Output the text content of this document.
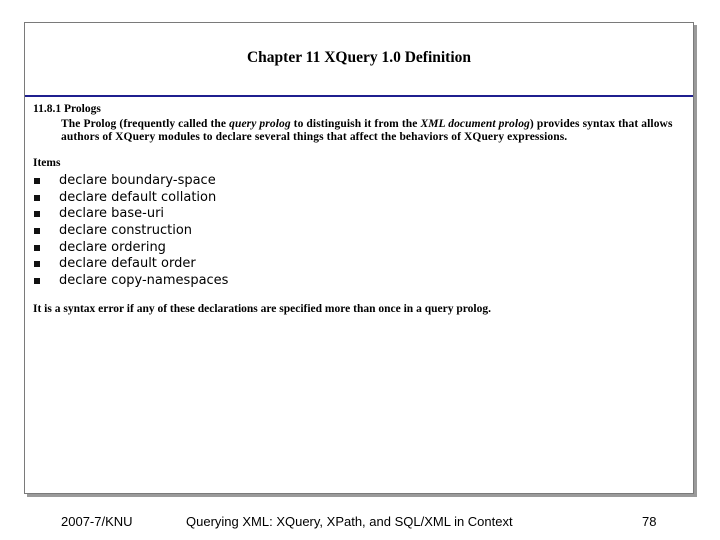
Chapter 11 XQuery 1.0 Definition

11.8.1 Prologs

The Prolog (frequently called the query prolog to distinguish it from the XML document prolog) provides syntax that allows authors of XQuery modules to declare several things that affect the behaviors of XQuery expressions.

Items

declare boundary-space
declare default collation
declare base-uri
declare construction
declare ordering
declare default order
declare copy-namespaces

It is a syntax error if any of these declarations are specified more than once in a query prolog.

2007-7/KNU	Querying XML: XQuery, XPath, and SQL/XML in Context	78
